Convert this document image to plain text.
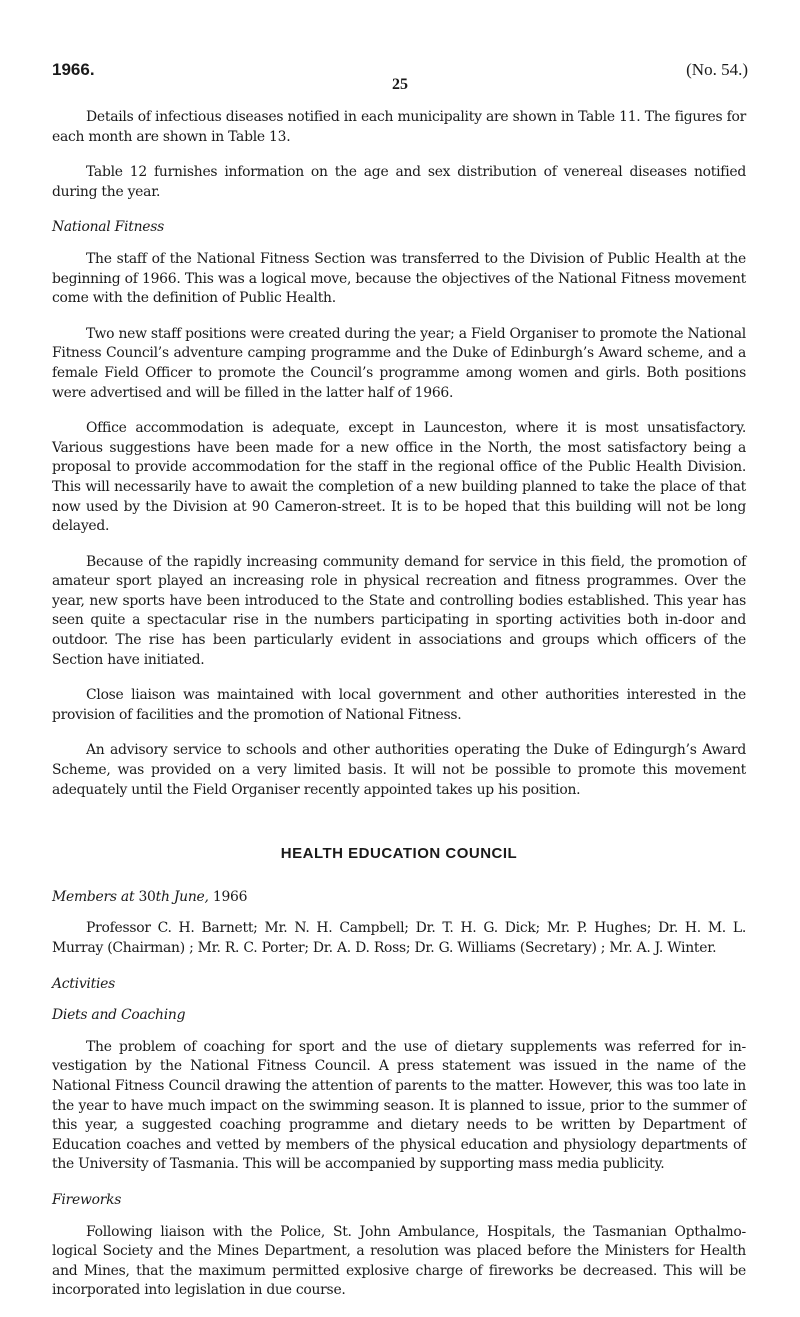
1966.	(No. 54.)
25

Details of infectious diseases notified in each municipality are shown in Table 11. The figures for each month are shown in Table 13.

Table 12 furnishes information on the age and sex distribution of venereal diseases notified during the year.

National Fitness

The staff of the National Fitness Section was transferred to the Division of Public Health at the beginning of 1966. This was a logical move, because the objectives of the National Fitness movement come with the definition of Public Health.

Two new staff positions were created during the year; a Field Organiser to promote the National Fitness Council’s adventure camping programme and the Duke of Edinburgh’s Award scheme, and a female Field Officer to promote the Council’s programme among women and girls. Both positions were advertised and will be filled in the latter half of 1966.

Office accommodation is adequate, except in Launceston, where it is most unsatisfactory. Various suggestions have been made for a new office in the North, the most satisfactory being a proposal to provide accommodation for the staff in the regional office of the Public Health Division. This will necessarily have to await the completion of a new building planned to take the place of that now used by the Division at 90 Cameron-street. It is to be hoped that this building will not be long delayed.

Because of the rapidly increasing community demand for service in this field, the promotion of amateur sport played an increasing role in physical recreation and fitness programmes. Over the year, new sports have been introduced to the State and controlling bodies established. This year has seen quite a spectacular rise in the numbers participating in sporting activities both in-door and outdoor. The rise has been particularly evident in associations and groups which officers of the Section have initiated.

Close liaison was maintained with local government and other authorities interested in the provision of facilities and the promotion of National Fitness.

An advisory service to schools and other authorities operating the Duke of Edingurgh’s Award Scheme, was provided on a very limited basis. It will not be possible to promote this movement adequately until the Field Organiser recently appointed takes up his position.

HEALTH EDUCATION COUNCIL
Members at 30th June, 1966

Professor C. H. Barnett; Mr. N. H. Campbell; Dr. T. H. G. Dick; Mr. P. Hughes; Dr. H. M. L. Murray (Chairman) ; Mr. R. C. Porter; Dr. A. D. Ross; Dr. G. Williams (Secretary) ; Mr. A. J. Winter.

Activities
Diets and Coaching

The problem of coaching for sport and the use of dietary supplements was referred for in-vestigation by the National Fitness Council. A press statement was issued in the name of the National Fitness Council drawing the attention of parents to the matter. However, this was too late in the year to have much impact on the swimming season. It is planned to issue, prior to the summer of this year, a suggested coaching programme and dietary needs to be written by Department of Education coaches and vetted by members of the physical education and physiology departments of the University of Tasmania. This will be accompanied by supporting mass media publicity.

Fireworks

Following liaison with the Police, St. John Ambulance, Hospitals, the Tasmanian Opthalmo-logical Society and the Mines Department, a resolution was placed before the Ministers for Health and Mines, that the maximum permitted explosive charge of fireworks be decreased. This will be incorporated into legislation in due course.
